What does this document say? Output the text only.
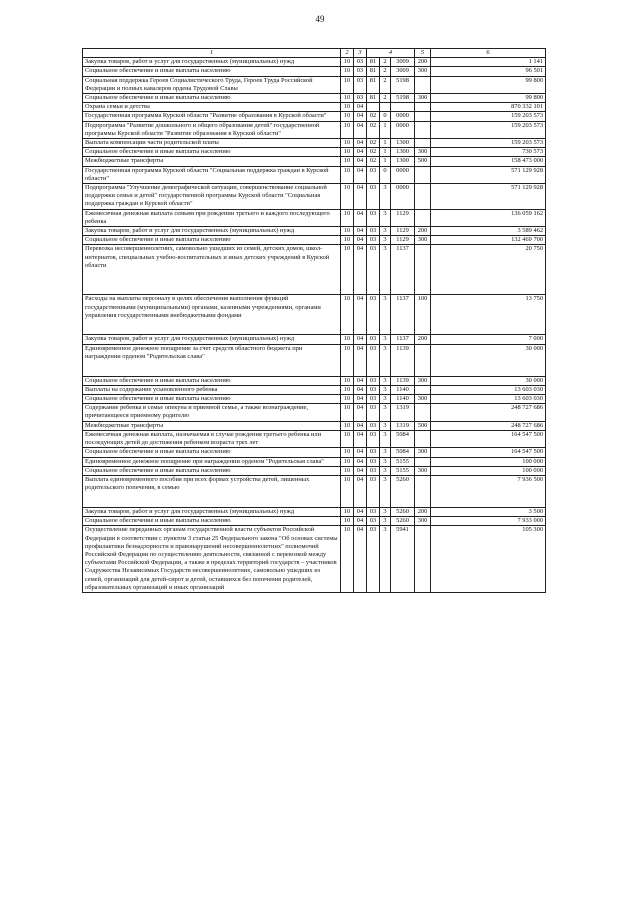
49
1	2	3	4			5	6
Закупка товаров, работ и услуг для государственных (муниципальных) нужд	10	03	81	2	3009	200	1 141
Социальное обеспечение и иные выплаты населению	10	03	81	2	3009	300	96 501
Социальная поддержка Героев Социалистического Труда, Героев Труда Российской Федерации и полных кавалеров ордена Трудовой Славы	10	03	81	2	5198		99 800
Социальное обеспечение и иные выплаты населению	10	03	81	2	5198	300	99 800
Охрана семьи и детства	10	04					870 332 101
Государственная программа Курской области "Развитие образования в Курской области"	10	04	02	0	0000		159 203 573
Подпрограмма "Развитие дошкольного и общего образования детей" государственной программы Курской области "Развитие образования в Курской области"	10	04	02	1	0000		159 203 573
Выплата компенсации части родительской платы	10	04	02	1	1300		159 203 573
Социальное обеспечение и иные выплаты населению	10	04	02	1	1300	300	730 573
Межбюджетные трансферты	10	04	02	1	1300	500	158 473 000
Государственная программа Курской области "Социальная поддержка граждан в Курской области"	10	04	03	0	0000		571 129 928
Подпрограмма "Улучшение демографической ситуации, совершенствование социальной поддержки семьи и детей" государственной программы Курской области "Социальная поддержка граждан в Курской области"	10	04	03	3	0000		571 129 928
Ежемесячная денежная выплата семьям при рождении третьего и каждого последующего ребенка	10	04	03	3	1129		136 059 162
Закупка товаров, работ и услуг для государственных (муниципальных) нужд	10	04	03	3	1129	200	3 589 462
Социальное обеспечение и иные выплаты населению	10	04	03	3	1129	300	132 469 700
Перевозка несовершеннолетних, самовольно ушедших из семей, детских домов, школ-интернатов, специальных учебно-воспитательных и иных детских учреждений в Курской области	10	04	03	3	1137		20 750
Расходы на выплаты персоналу в целях обеспечения выполнения функций государственными (муниципальными) органами, казенными учреждениями, органами управления государственными внебюджетными фондами	10	04	03	3	1137	100	13 750
Закупка товаров, работ и услуг для государственных (муниципальных) нужд	10	04	03	3	1137	200	7 000
Единовременное денежное поощрение за счет средств областного бюджета при награждении орденом "Родительская слава"	10	04	03	3	1139		30 000
Социальное обеспечение и иные выплаты населению	10	04	03	3	1139	300	30 000
Выплаты на содержание усыновленного ребенка	10	04	03	3	1140		13 603 030
Социальное обеспечение и иные выплаты населению	10	04	03	3	1140	300	13 603 030
Содержание ребенка в семье опекуна и приемной семье, а также вознаграждение, причитающееся приемному родителю	10	04	03	3	1319		248 727 686
Межбюджетные трансферты	10	04	03	3	1319	500	248 727 686
Ежемесячная денежная выплата, назначаемая в случае рождения третьего ребенка или последующих детей до достижения ребенком возраста трех лет	10	04	03	3	5084		164 547 500
Социальное обеспечение и иные выплаты населению	10	04	03	3	5084	300	164 547 500
Единовременное денежное поощрение при награждении орденом "Родительская слава"	10	04	03	3	5155		100 000
Социальное обеспечение и иные выплаты населению	10	04	03	3	5155	300	100 000
Выплата единовременного пособия при всех формах устройства детей, лишенных родительского попечения, в семью	10	04	03	3	5260		7 936 500
Закупка товаров, работ и услуг для государственных (муниципальных) нужд	10	04	03	3	5260	200	3 500
Социальное обеспечение и иные выплаты населению	10	04	03	3	5260	300	7 933 000
Осуществление переданных органам государственной власти субъектов Российской Федерации в соответствии с пунктом 3 статьи 25 Федерального закона "Об основах системы профилактики безнадзорности и правонарушений несовершеннолетних" полномочий Российской Федерации по осуществлению деятельности, связанной с перевозкой между субъектами Российской Федерации, а также в пределах территорий государств – участников Содружества Независимых Государств несовершеннолетних, самовольно ушедших из семей, организаций для детей-сирот и детей, оставшихся без попечения родителей, образовательных организаций и иных организаций	10	04	03	3	5941		105 300
